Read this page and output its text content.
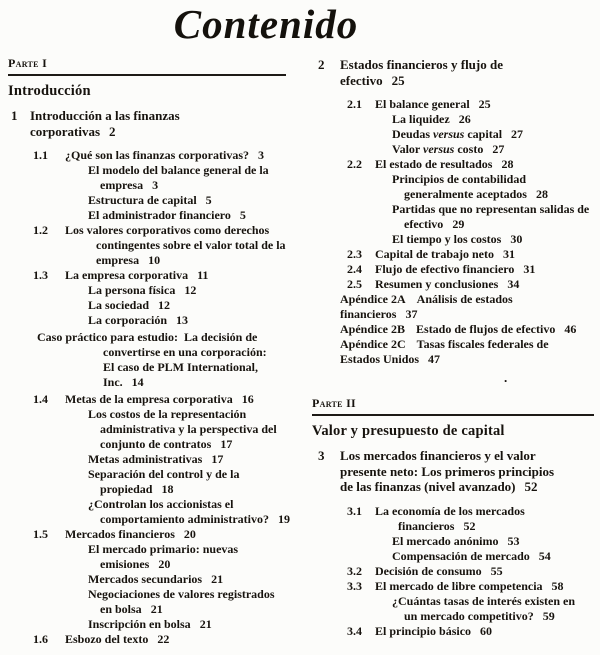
Contenido
Parte I
Introducción
1 Introducción a las finanzas
corporativas 2
1.1 ¿Qué son las finanzas corporativas? 3
El modelo del balance general de la
empresa 3
Estructura de capital 5
El administrador financiero 5
1.2 Los valores corporativos como derechos
contingentes sobre el valor total de la
empresa 10
1.3 La empresa corporativa 11
La persona física 12
La sociedad 12
La corporación 13
Caso práctico para estudio:  La decisión de
convertirse en una corporación:
El caso de PLM International,
Inc. 14
1.4 Metas de la empresa corporativa 16
Los costos de la representación
administrativa y la perspectiva del
conjunto de contratos 17
Metas administrativas 17
Separación del control y de la
propiedad 18
¿Controlan los accionistas el
comportamiento administrativo? 19
1.5 Mercados financieros 20
El mercado primario: nuevas
emisiones 20
Mercados secundarios 21
Negociaciones de valores registrados
en bolsa 21
Inscripción en bolsa 21
1.6 Esbozo del texto 22
2 Estados financieros y flujo de
efectivo 25
2.1 El balance general 25
La liquidez 26
Deudas versus capital 27
Valor versus costo 27
2.2 El estado de resultados 28
Principios de contabilidad
generalmente aceptados 28
Partidas que no representan salidas de
efectivo 29
El tiempo y los costos 30
2.3 Capital de trabajo neto 31
2.4 Flujo de efectivo financiero 31
2.5 Resumen y conclusiones 34
Apéndice 2A Análisis de estados
financieros 37
Apéndice 2B Estado de flujos de efectivo 46
Apéndice 2C Tasas fiscales federales de
Estados Unidos 47
Parte II
Valor y presupuesto de capital
3 Los mercados financieros y el valor
presente neto: Los primeros principios
de las finanzas (nivel avanzado) 52
3.1 La economía de los mercados
financieros 52
El mercado anónimo 53
Compensación de mercado 54
3.2 Decisión de consumo 55
3.3 El mercado de libre competencia 58
¿Cuántas tasas de interés existen en
un mercado competitivo? 59
3.4 El principio básico 60
.
